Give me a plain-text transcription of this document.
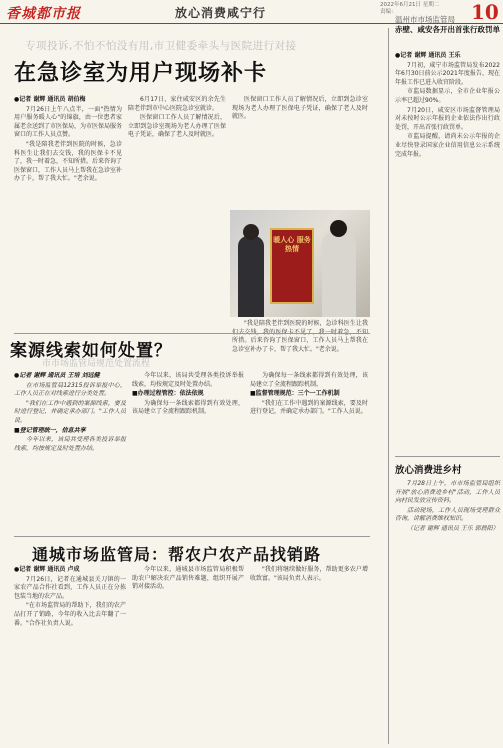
香城都市报	放心消费咸宁行
2022年6月21日 星期二
责编：	10
专项投诉,不怕不怕没有用,市卫健委牵头与医院进行对接
在急诊室为用户现场补卡

●记者 谢辉 通讯员 胡伯梅

7月26日上午八点半，一面"热情为用户服务暖人心"的锦旗，由一位患者家属老余送到了市医保局，为市医保局服务窗口的工作人员点赞。

"我是陪我老伴到医院的时候，急诊科医生让我们去交钱，我的医保卡不见了，我一时着急，不知所措。后来咨询了医保窗口，工作人员马上帮我在急诊室补办了卡，帮了我大忙。"老余说。

6月17日，家住咸安区的余先生陪老伴到市中心医院急诊室就诊。

医保窗口工作人员了解情况后，立即到急诊室现场为老人办理了医保电子凭证，确保了老人及时就医。

医保窗口工作人员了解情况后，立即到急诊室现场为老人办理了医保电子凭证，确保了老人及时就医。

暖人心 服务 热情

"我是陪我老伴到医院的时候，急诊科医生让我 所措。后来咨询了医保窗口，工作人员马上帮我在急诊室补办了卡，帮了我大忙。"老余说。

案源线索如何处置？
市市场监管局规范处置流程

●记者 谢辉 通讯员 王培 刘远健

在市场监管局12315投诉举报中心，工作人员正在对线索进行分类处置。

"我们在工作中遇到的案源线索，要及时进行登记，并确定承办部门。"工作人员说。

■登记管理统一，信息共享

今年以来，该局共受理各类投诉举报线索，均按规定及时处置办结。

今年以来，该局共受理各类投诉举报线索，均按规定及时处置办结。

■办理过程管控：依法依规

为确保每一条线索都得到有效处理，该局建立了全流程跟踪机制。

为确保每一条线索都得到有效处理，该局建立了全流程跟踪机制。

■监督管理规范：三个一工作机制

"我们在工作中遇到的案源线索，要及时进行登记，并确定承办部门。"工作人员说。

通城市场监管局：帮农户农产品找销路

●记者 谢辉 通讯员 卢成

7月26日，记者在通城县关刀镇的一家农产品合作社看到，工作人员正在分拣包装当地的农产品。

"在市场监管局的帮助下，我们的农产品打开了销路，今年的收入比去年翻了一番。"合作社负责人说。

今年以来，通城县市场监管局积极帮助农户解决农产品销售难题，组织开展产销对接活动。

"我们将继续做好服务，帮助更多农户增收致富。"该局负责人表示。

温州市市场监管局
赤壁、咸安各开出首张行政罚单

●记者 谢辉 通讯员 王乐

7月初，咸宁市场监管局发布2022年6月30日前公示2021年度报告，现在年报工作已进入收官阶段。

市监局数据显示，全市企业年报公示率已超过90%。

7月20日，咸安区市场监督管理局对未按时公示年报的企业依法作出行政处罚，开出首张行政罚单。

市监局提醒，请尚未公示年报的企业尽快登录国家企业信用信息公示系统完成年报。

放心消费进乡村

7月28日上午，市市场监管局组织开展"放心消费进乡村"活动，工作人员向村民发放宣传资料。

活动现场，工作人员现场受理群众咨询，讲解消费维权知识。

（记者 谢辉 通讯员 王乐 郭晨阳）
